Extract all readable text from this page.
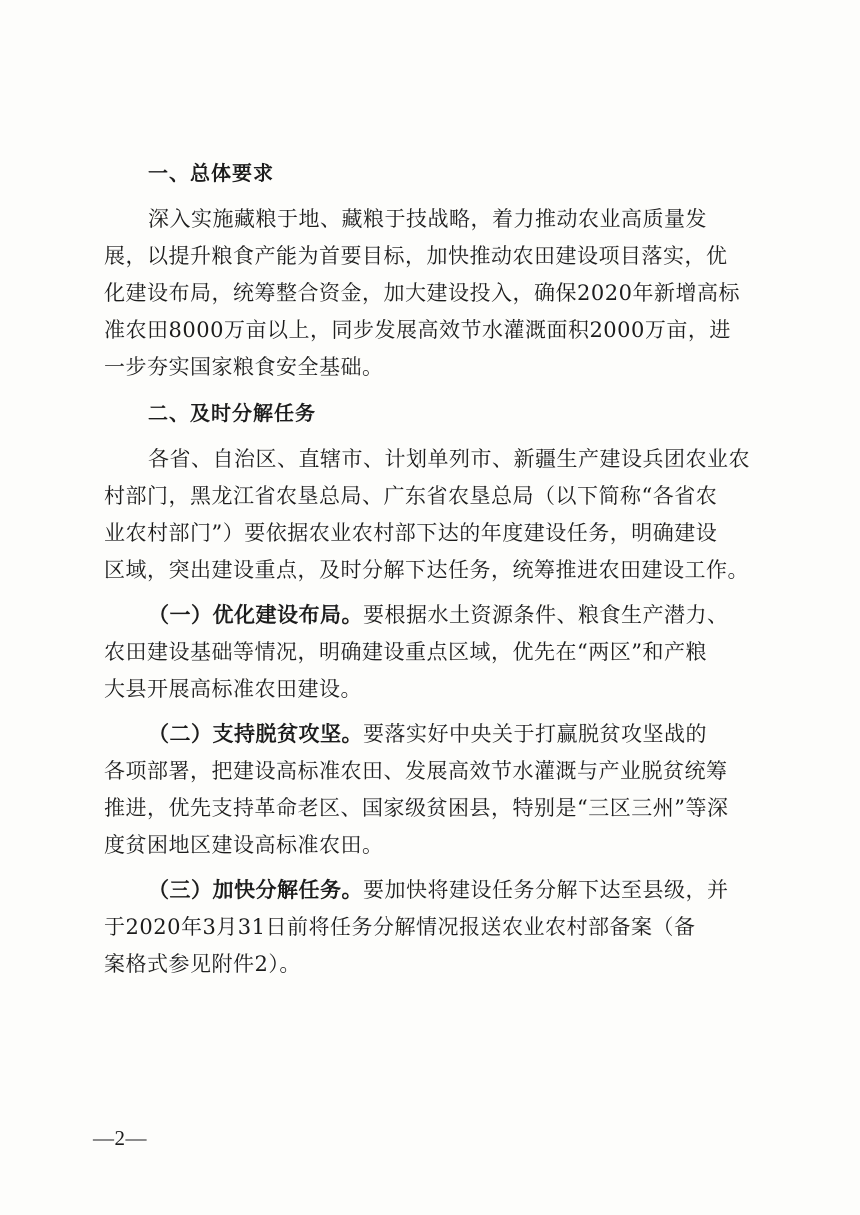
一、总体要求
深入实施藏粮于地、藏粮于技战略，着力推动农业高质量发
展，以提升粮食产能为首要目标，加快推动农田建设项目落实，优
化建设布局，统筹整合资金，加大建设投入，确保2020年新增高标
准农田8000万亩以上，同步发展高效节水灌溉面积2000万亩，进
一步夯实国家粮食安全基础。
二、及时分解任务
各省、自治区、直辖市、计划单列市、新疆生产建设兵团农业农
村部门，黑龙江省农垦总局、广东省农垦总局（以下简称“各省农
业农村部门”）要依据农业农村部下达的年度建设任务，明确建设
区域，突出建设重点，及时分解下达任务，统筹推进农田建设工作。
（一）优化建设布局。要根据水土资源条件、粮食生产潜力、
农田建设基础等情况，明确建设重点区域，优先在“两区”和产粮
大县开展高标准农田建设。
（二）支持脱贫攻坚。要落实好中央关于打赢脱贫攻坚战的
各项部署，把建设高标准农田、发展高效节水灌溉与产业脱贫统筹
推进，优先支持革命老区、国家级贫困县，特别是“三区三州”等深
度贫困地区建设高标准农田。
（三）加快分解任务。要加快将建设任务分解下达至县级，并
于2020年3月31日前将任务分解情况报送农业农村部备案（备
案格式参见附件2）。
—2—
